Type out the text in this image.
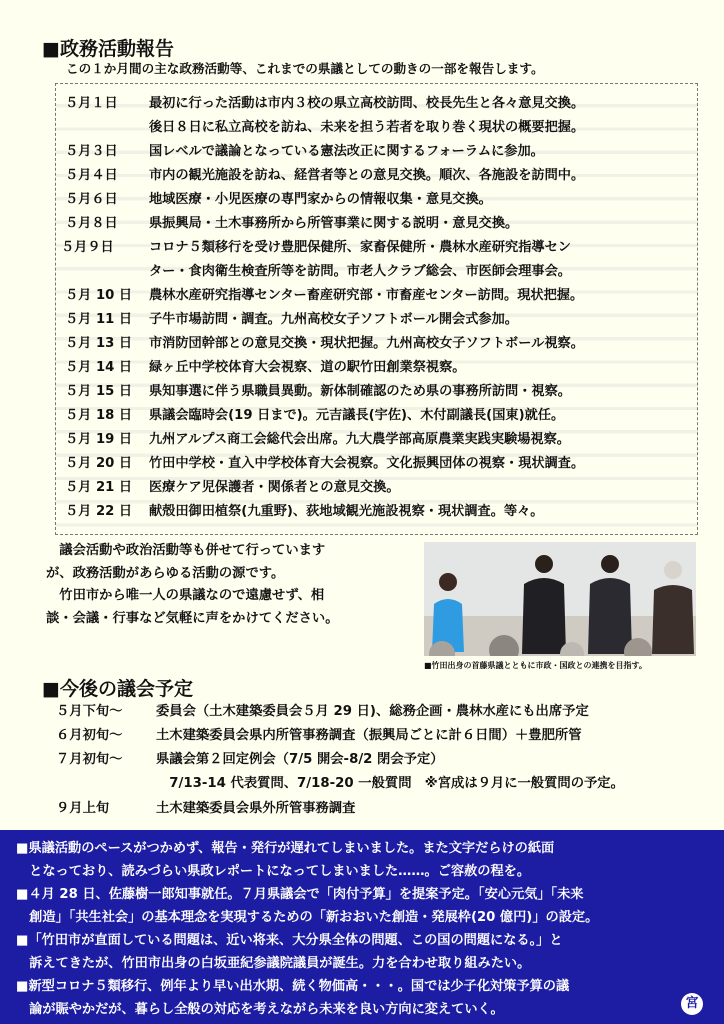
■政務活動報告
この１か月間の主な政務活動等、これまでの県議としての動きの一部を報告します。
５月１日	最初に行った活動は市内３校の県立高校訪問、校長先生と各々意見交換。
後日８日に私立高校を訪ね、未来を担う若者を取り巻く現状の概要把握。
５月３日	国レベルで議論となっている憲法改正に関するフォーラムに参加。
５月４日	市内の観光施設を訪ね、経営者等との意見交換。順次、各施設を訪問中。
５月６日	地域医療・小児医療の専門家からの情報収集・意見交換。
５月８日	県振興局・土木事務所から所管事業に関する説明・意見交換。
５月９日	コロナ５類移行を受け豊肥保健所、家畜保健所・農林水産研究指導セン
ター・食肉衛生検査所等を訪問。市老人クラブ総会、市医師会理事会。
５月 10 日	農林水産研究指導センター畜産研究部・市畜産センター訪問。現状把握。
５月 11 日	子牛市場訪問・調査。九州高校女子ソフトボール開会式参加。
５月 13 日	市消防団幹部との意見交換・現状把握。九州高校女子ソフトボール視察。
５月 14 日	緑ヶ丘中学校体育大会視察、道の駅竹田創業祭視察。
５月 15 日	県知事選に伴う県職員異動。新体制確認のため県の事務所訪問・視察。
５月 18 日	県議会臨時会(19 日まで)。元吉議長(宇佐)、木付副議長(国東)就任。
５月 19 日	九州アルプス商工会総代会出席。九大農学部高原農業実践実験場視察。
５月 20 日	竹田中学校・直入中学校体育大会視察。文化振興団体の視察・現状調査。
５月 21 日	医療ケア児保護者・関係者との意見交換。
５月 22 日	献殻田御田植祭(九重野)、荻地域観光施設視察・現状調査。等々。
　議会活動や政治活動等も併せて行っています
が、政務活動があらゆる活動の源です。
　竹田市から唯一人の県議なので遠慮せず、相
談・会議・行事など気軽に声をかけてください。
■竹田出身の首藤県議とともに市政・国政との連携を目指す。
■今後の議会予定
５月下旬～	委員会（土木建築委員会５月 29 日)、総務企画・農林水産にも出席予定
６月初旬～	土木建築委員会県内所管事務調査（振興局ごとに計６日間）＋豊肥所管
７月初旬～	県議会第２回定例会（7/5 開会-8/2 閉会予定）
　7/13-14 代表質問、7/18-20 一般質問　※宮成は９月に一般質問の予定。
９月上旬	土木建築委員会県外所管事務調査
■県議活動のペースがつかめず、報告・発行が遅れてしまいました。また文字だらけの紙面
　となっており、読みづらい県政レポートになってしまいました……。ご容赦の程を。
■４月 28 日、佐藤樹一郎知事就任。７月県議会で「肉付予算」を提案予定。「安心元気」「未来
　創造」「共生社会」の基本理念を実現するための「新おおいた創造・発展枠(20 億円)」の設定。
■「竹田市が直面している問題は、近い将来、大分県全体の問題、この国の問題になる。」と
　訴えてきたが、竹田市出身の白坂亜紀参議院議員が誕生。力を合わせ取り組みたい。
■新型コロナ５類移行、例年より早い出水期、続く物価高・・・。国では少子化対策予算の議
　論が賑やかだが、暮らし全般の対応を考えながら未来を良い方向に変えていく。	宮
